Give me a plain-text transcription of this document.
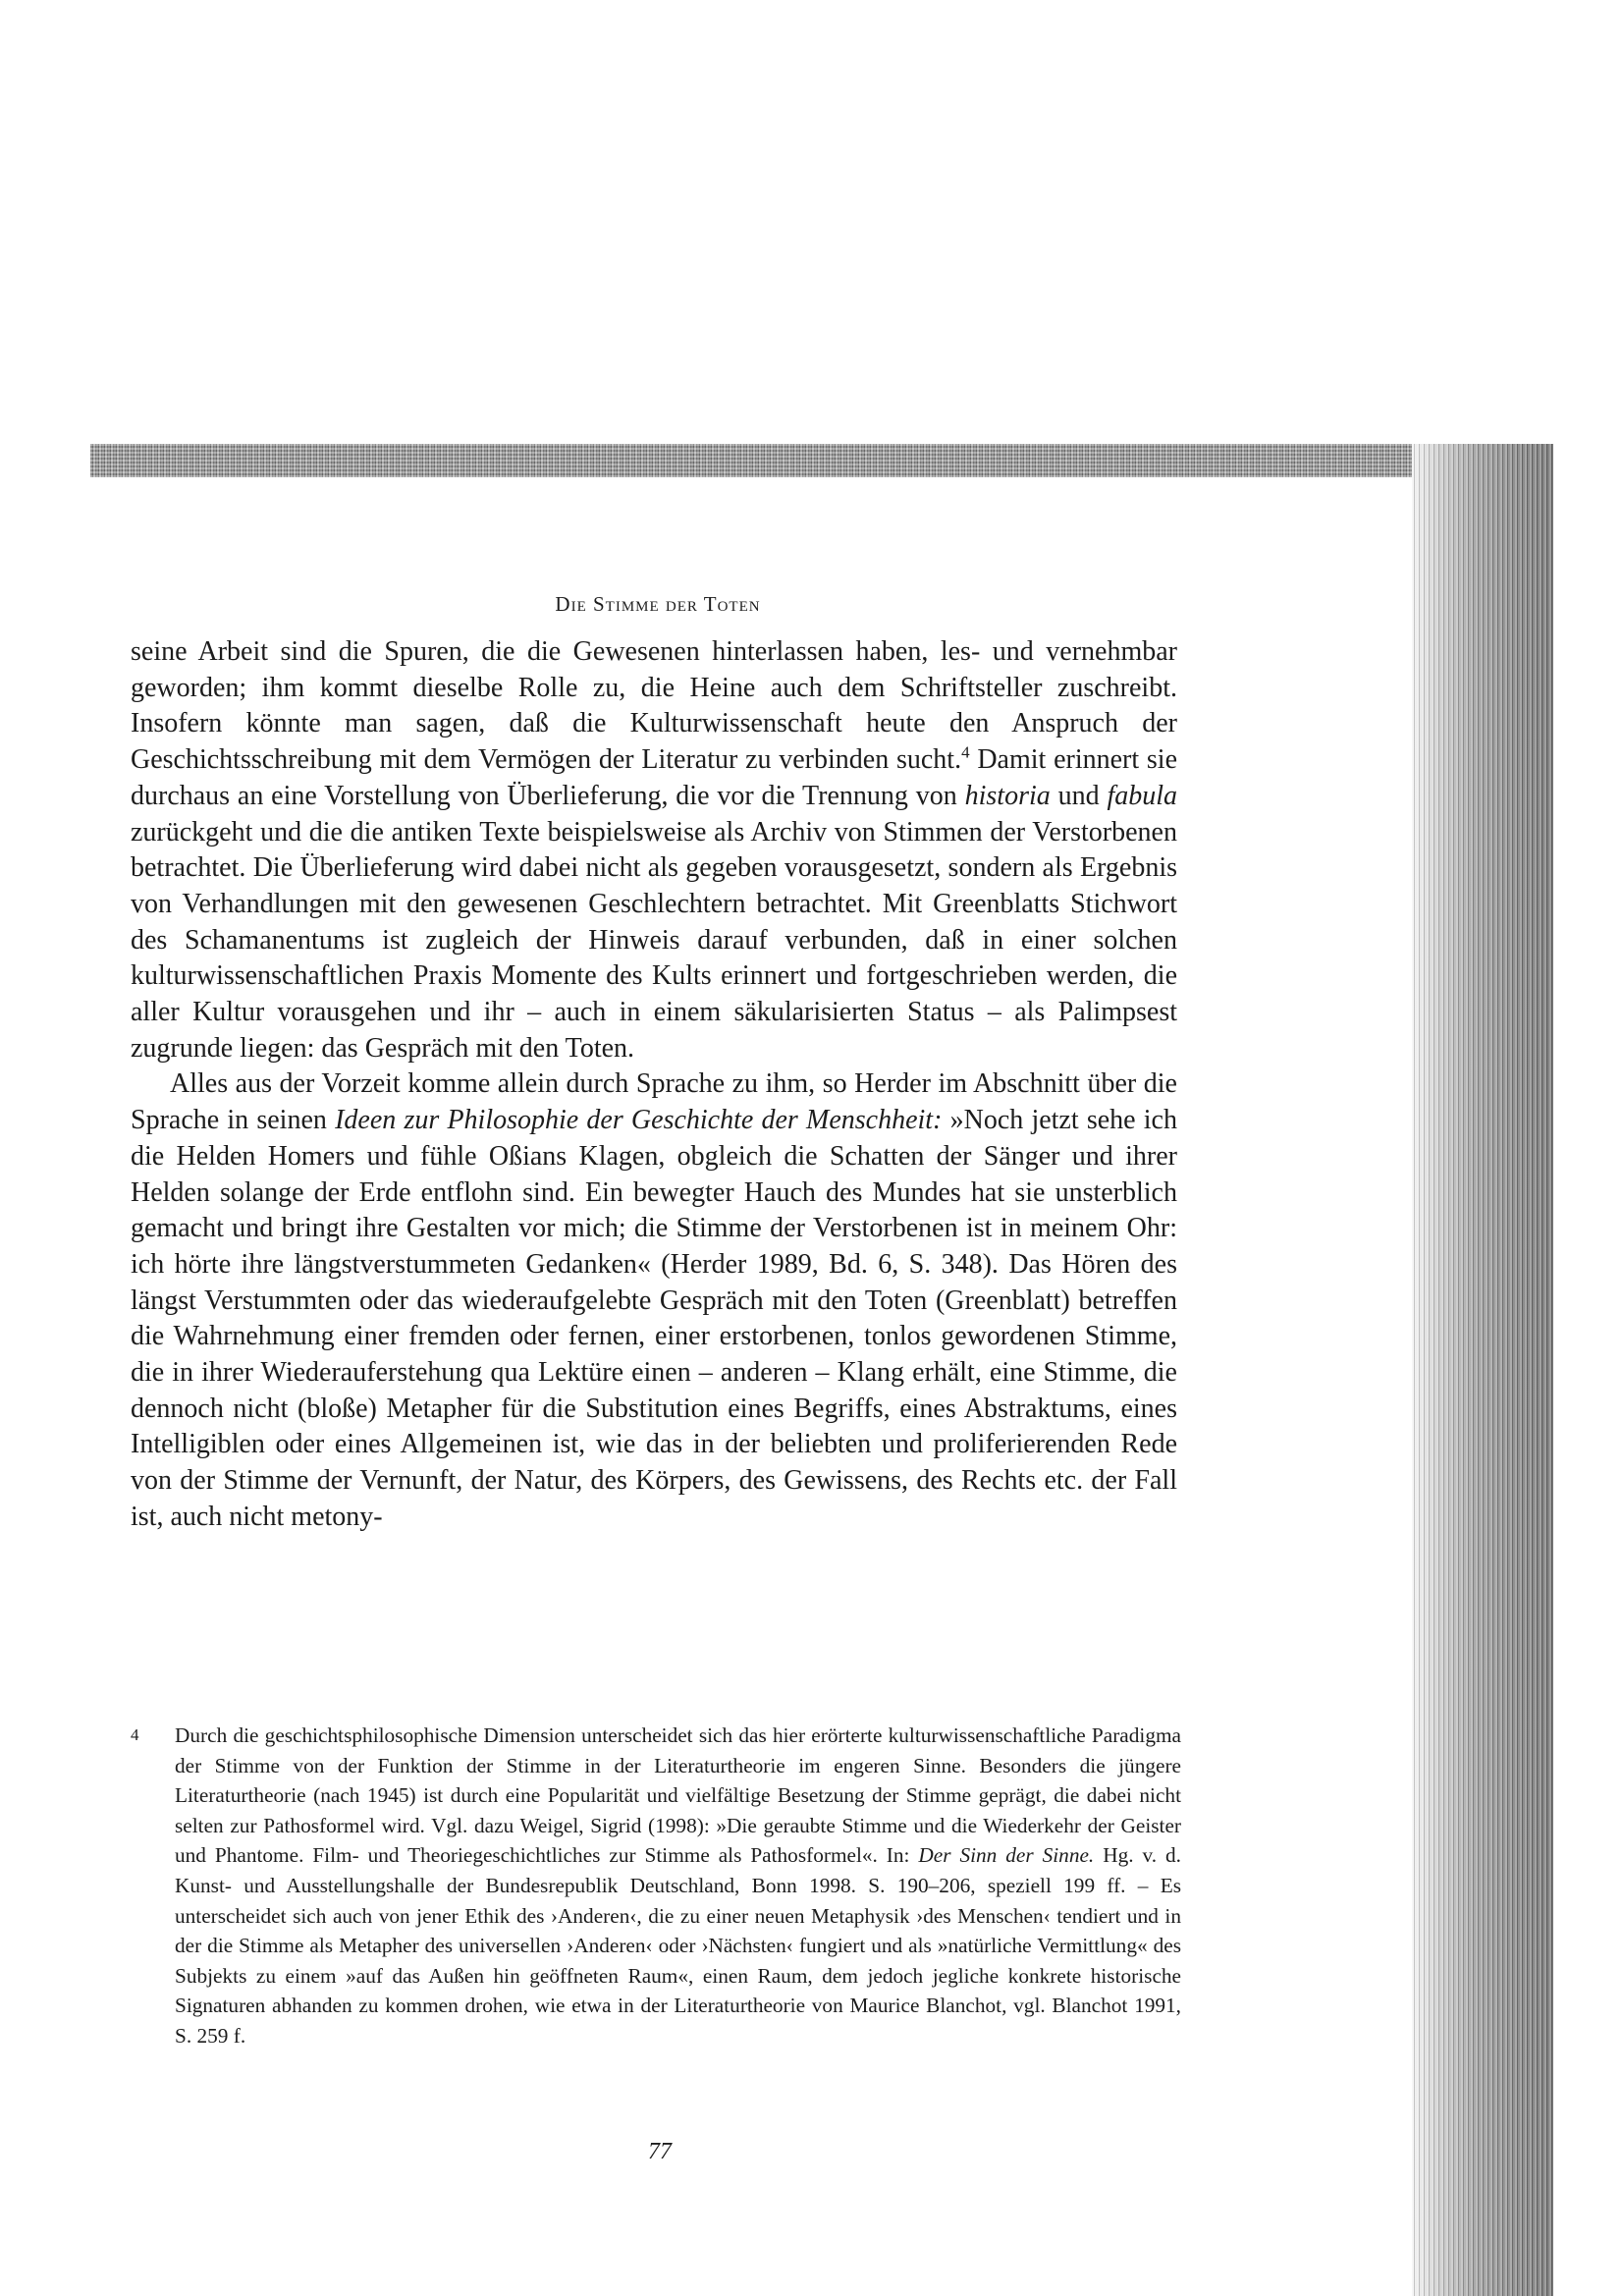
Die Stimme der Toten

seine Arbeit sind die Spuren, die die Gewesenen hinterlassen haben, les- und vernehmbar geworden; ihm kommt dieselbe Rolle zu, die Heine auch dem Schriftsteller zuschreibt. Insofern könnte man sagen, daß die Kulturwissenschaft heute den Anspruch der Geschichtsschreibung mit dem Vermögen der Literatur zu verbinden sucht.$^4$ Damit erinnert sie durchaus an eine Vorstellung von Überlieferung, die vor die Trennung von historia und fabula zurückgeht und die die antiken Texte beispielsweise als Archiv von Stimmen der Verstorbenen betrachtet. Die Überlieferung wird dabei nicht als gegeben vorausgesetzt, sondern als Ergebnis von Verhandlungen mit den gewesenen Geschlechtern betrachtet. Mit Greenblatts Stichwort des Schamanentums ist zugleich der Hinweis darauf verbunden, daß in einer solchen kulturwissenschaftlichen Praxis Momente des Kults erinnert und fortgeschrieben werden, die aller Kultur vorausgehen und ihr – auch in einem säkularisierten Status – als Palimpsest zugrunde liegen: das Gespräch mit den Toten.

Alles aus der Vorzeit komme allein durch Sprache zu ihm, so Herder im Abschnitt über die Sprache in seinen Ideen zur Philosophie der Geschichte der Menschheit: »Noch jetzt sehe ich die Helden Homers und fühle Oßians Klagen, obgleich die Schatten der Sänger und ihrer Helden solange der Erde entflohn sind. Ein bewegter Hauch des Mundes hat sie unsterblich gemacht und bringt ihre Gestalten vor mich; die Stimme der Verstorbenen ist in meinem Ohr: ich hörte ihre längstverstummeten Gedanken« (Herder 1989, Bd. 6, S. 348). Das Hören des längst Verstummten oder das wiederaufgelebte Gespräch mit den Toten (Greenblatt) betreffen die Wahrnehmung einer fremden oder fernen, einer erstorbenen, tonlos gewordenen Stimme, die in ihrer Wiederauferstehung qua Lektüre einen – anderen – Klang erhält, eine Stimme, die dennoch nicht (bloße) Metapher für die Substitution eines Begriffs, eines Abstraktums, eines Intelligiblen oder eines Allgemeinen ist, wie das in der beliebten und proliferierenden Rede von der Stimme der Vernunft, der Natur, des Körpers, des Gewissens, des Rechts etc. der Fall ist, auch nicht metony-

4 Durch die geschichtsphilosophische Dimension unterscheidet sich das hier erörterte kulturwissenschaftliche Paradigma der Stimme von der Funktion der Stimme in der Literaturtheorie im engeren Sinne. Besonders die jüngere Literaturtheorie (nach 1945) ist durch eine Popularität und vielfältige Besetzung der Stimme geprägt, die dabei nicht selten zur Pathosformel wird. Vgl. dazu Weigel, Sigrid (1998): »Die geraubte Stimme und die Wiederkehr der Geister und Phantome. Film- und Theoriegeschichtliches zur Stimme als Pathosformel«. In: Der Sinn der Sinne. Hg. v. d. Kunst- und Ausstellungshalle der Bundesrepublik Deutschland, Bonn 1998. S. 190–206, speziell 199 ff. – Es unterscheidet sich auch von jener Ethik des ›Anderen‹, die zu einer neuen Metaphysik ›des Menschen‹ tendiert und in der die Stimme als Metapher des universellen ›Anderen‹ oder ›Nächsten‹ fungiert und als »natürliche Vermittlung« des Subjekts zu einem »auf das Außen hin geöffneten Raum«, einen Raum, dem jedoch jegliche konkrete historische Signaturen abhanden zu kommen drohen, wie etwa in der Literaturtheorie von Maurice Blanchot, vgl. Blanchot 1991, S. 259 f.
77
